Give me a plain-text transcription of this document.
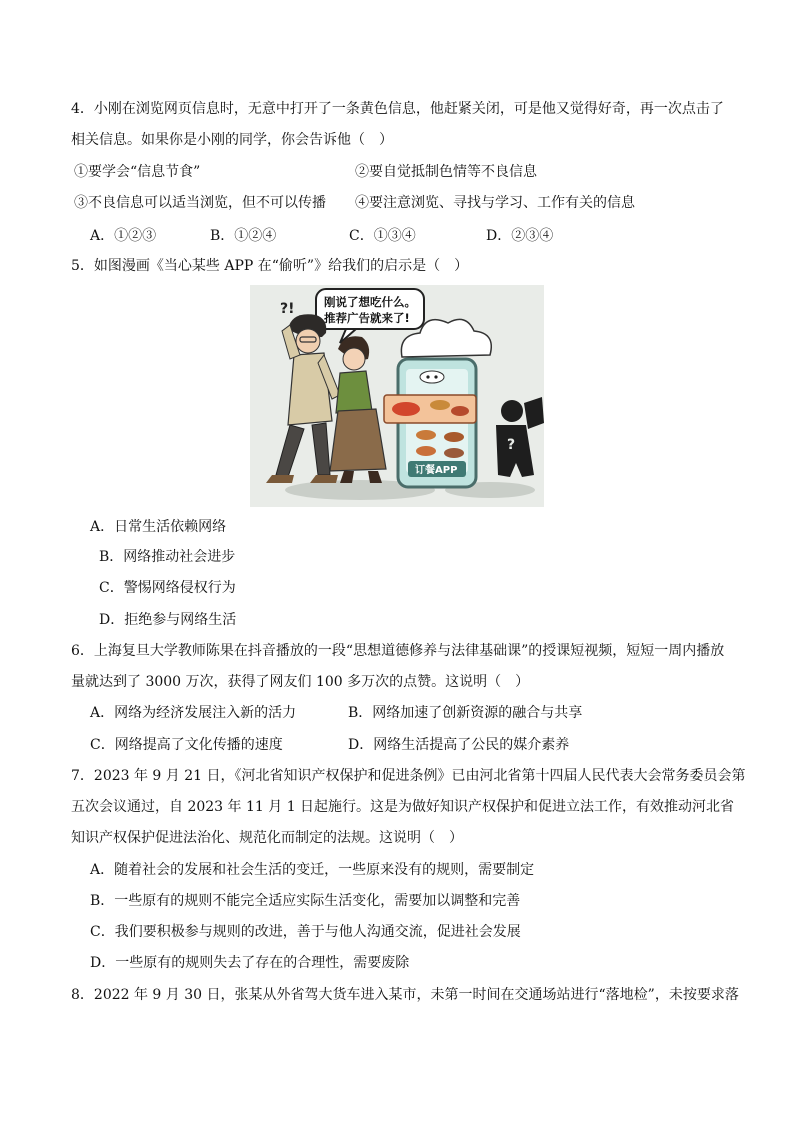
4．小刚在浏览网页信息时，无意中打开了一条黄色信息，他赶紧关闭，可是他又觉得好奇，再一次点击了
相关信息。如果你是小刚的同学，你会告诉他（　）
①要学会“信息节食”	②要自觉抵制色情等不良信息
③不良信息可以适当浏览，但不可以传播 ④要注意浏览、寻找与学习、工作有关的信息
A．①②③	B．①②④	C．①③④	D．②③④
5．如图漫画《当心某些 APP 在“偷听”》给我们的启示是（　）
刚说了想吃什么。
推荐广告就来了!
?!
订餐APP
?
A．日常生活依赖网络
B．网络推动社会进步
C．警惕网络侵权行为
D．拒绝参与网络生活
6．上海复旦大学教师陈果在抖音播放的一段“思想道德修养与法律基础课”的授课短视频，短短一周内播放
量就达到了 3000 万次，获得了网友们 100 多万次的点赞。这说明（　）
A．网络为经济发展注入新的活力	B．网络加速了创新资源的融合与共享
C．网络提高了文化传播的速度	D．网络生活提高了公民的媒介素养
7．2023 年 9 月 21 日，《河北省知识产权保护和促进条例》已由河北省第十四届人民代表大会常务委员会第
五次会议通过，自 2023 年 11 月 1 日起施行。这是为做好知识产权保护和促进立法工作，有效推动河北省
知识产权保护促进法治化、规范化而制定的法规。这说明（　）
A．随着社会的发展和社会生活的变迁，一些原来没有的规则，需要制定
B．一些原有的规则不能完全适应实际生活变化，需要加以调整和完善
C．我们要积极参与规则的改进，善于与他人沟通交流，促进社会发展
D．一些原有的规则失去了存在的合理性，需要废除
8．2022 年 9 月 30 日，张某从外省驾大货车进入某市，未第一时间在交通场站进行“落地检”，未按要求落
